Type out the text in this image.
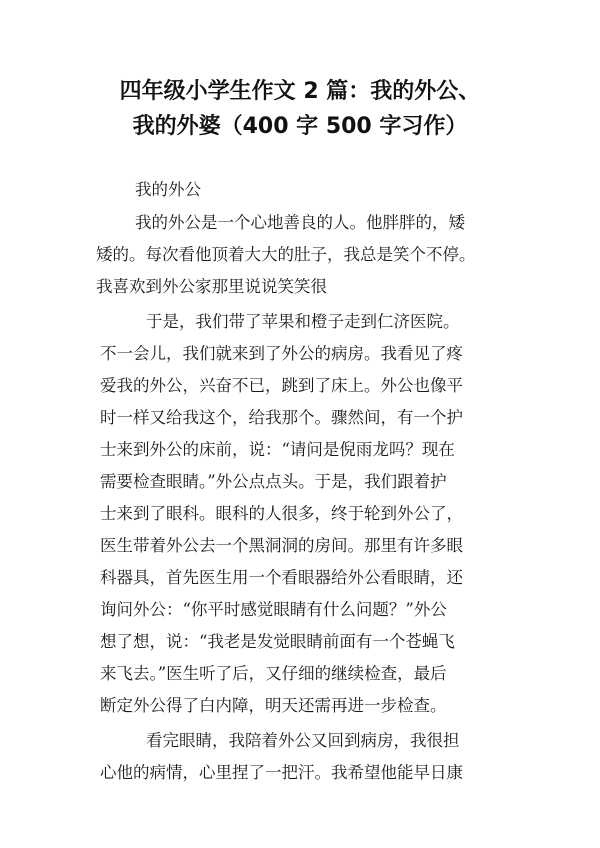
四年级小学生作文 2 篇：我的外公、
我的外婆（400 字 500 字习作）

我的外公

我的外公是一个心地善良的人。他胖胖的，矮

矮的。每次看他顶着大大的肚子，我总是笑个不停。

我喜欢到外公家那里说说笑笑很

于是，我们带了苹果和橙子走到仁济医院。

不一会儿，我们就来到了外公的病房。我看见了疼

爱我的外公，兴奋不已，跳到了床上。外公也像平

时一样又给我这个，给我那个。骤然间，有一个护

士来到外公的床前，说：“请问是倪雨龙吗？现在

需要检查眼睛。”外公点点头。于是，我们跟着护

士来到了眼科。眼科的人很多，终于轮到外公了，

医生带着外公去一个黑洞洞的房间。那里有许多眼

科器具，首先医生用一个看眼器给外公看眼睛，还

询问外公：“你平时感觉眼睛有什么问题？”外公

想了想，说：“我老是发觉眼睛前面有一个苍蝇飞

来飞去。”医生听了后，又仔细的继续检查，最后

断定外公得了白内障，明天还需再进一步检查。

看完眼睛，我陪着外公又回到病房，我很担

心他的病情，心里捏了一把汗。我希望他能早日康
